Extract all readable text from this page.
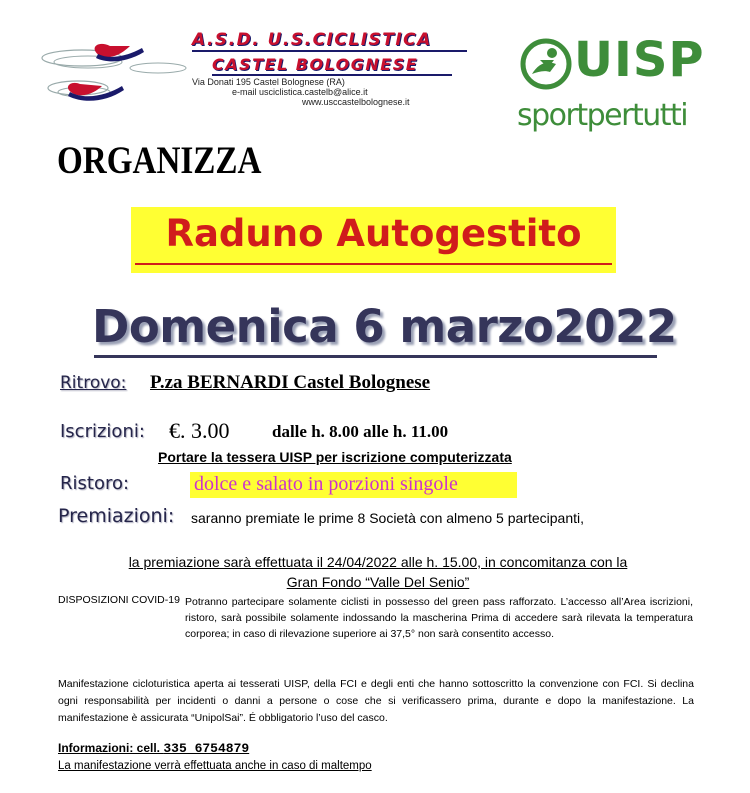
A.S.D. U.S.CICLISTICA
CASTEL BOLOGNESE
Via Donati 195 Castel Bolognese (RA)
e-mail usciclistica.castelb@alice.it
www.usccastelbolognese.it
UISP
sportpertutti
ORGANIZZA
Raduno Autogestito
Domenica 6 marzo2022
Ritrovo: P.za BERNARDI Castel Bolognese
Iscrizioni: €. 3.00	dalle h. 8.00 alle h. 11.00
Portare la tessera UISP per iscrizione computerizzata
Ristoro:	dolce e salato in porzioni singole
Premiazioni: saranno premiate le prime 8 Società con almeno 5 partecipanti,
la premiazione sarà effettuata il 24/04/2022 alle h. 15.00, in concomitanza con la
Gran Fondo “Valle Del Senio”
DISPOSIZIONI COVID-19 Potranno partecipare solamente ciclisti in possesso del green pass rafforzato. L’accesso all’Area iscrizioni, ristoro, sarà possibile solamente indossando la mascherina Prima di accedere sarà rilevata la temperatura corporea; in caso di rilevazione superiore ai 37,5° non sarà consentito accesso.
Manifestazione cicloturistica aperta ai tesserati UISP, della FCI e degli enti che hanno sottoscritto la convenzione con FCI. Si declina ogni responsabilità per incidenti o danni a persone o cose che si verificassero prima, durante e dopo la manifestazione. La manifestazione è assicurata “UnipolSai”. É obbligatorio l’uso del casco.
Informazioni: cell. 335 6754879
La manifestazione verrà effettuata anche in caso di maltempo
